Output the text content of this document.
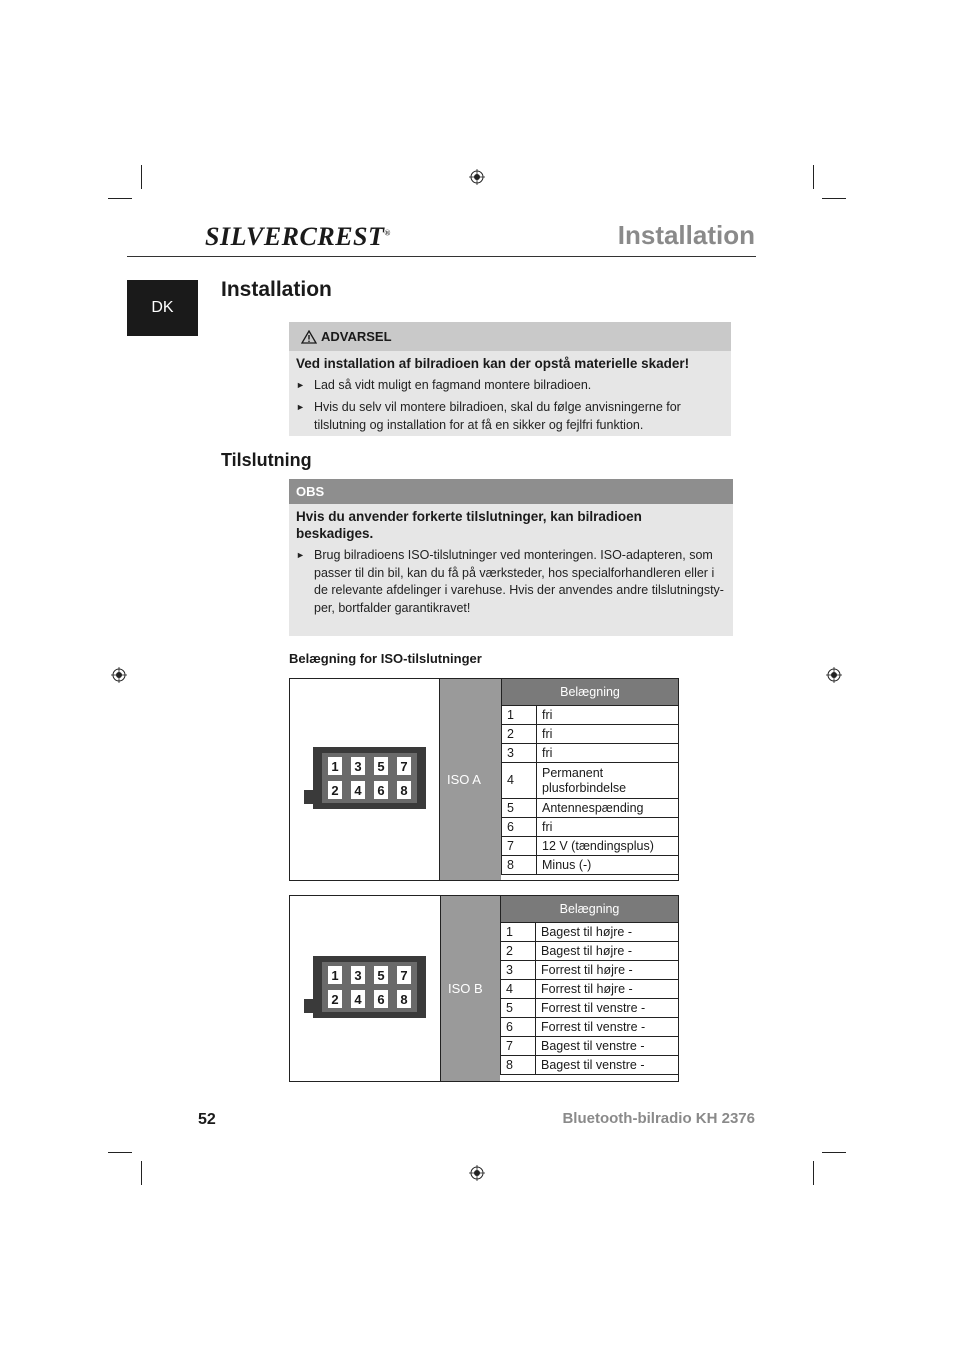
SILVERCREST®	Installation
DK
Installation
ADVARSEL
Ved installation af bilradioen kan der opstå materielle skader!
► Lad så vidt muligt en fagmand montere bilradioen.
► Hvis du selv vil montere bilradioen, skal du følge anvisningerne for tilslutning og installation for at få en sikker og fejlfri funktion.
Tilslutning
OBS
Hvis du anvender forkerte tilslutninger, kan bilradioen beskadiges.
► Brug bilradioens ISO-tilslutninger ved monteringen. ISO-adapteren, som passer til din bil, kan du få på værksteder, hos specialforhandleren eller i de relevante afdelinger i varehuse. Hvis der anvendes andre tilslutningsty-per, bortfalder garantikravet!
Belægning for ISO-tilslutninger
ISO A
1 3 5 7
2 4 6 8
Belægning	
1	fri
2	fri
3	fri
4	Permanent plusforbindelse
5	Antennespænding
6	fri
7	12 V (tændingsplus)
8	Minus (-)
ISO B
1 3 5 7
2 4 6 8
Belægning	
1	Bagest til højre -
2	Bagest til højre -
3	Forrest til højre -
4	Forrest til højre -
5	Forrest til venstre -
6	Forrest til venstre -
7	Bagest til venstre -
8	Bagest til venstre -
52	Bluetooth-bilradio KH 2376
